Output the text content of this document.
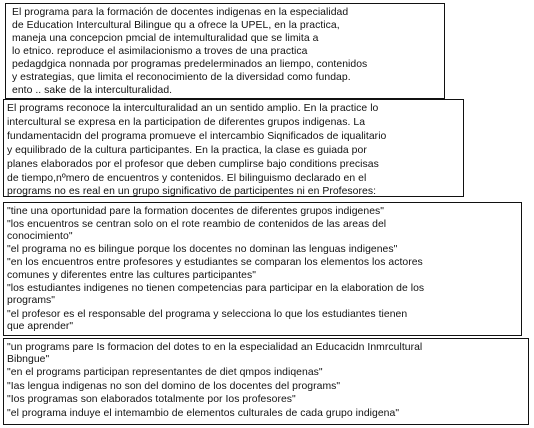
El programa para la formación de docentes indigenas en la especialidad
de Education Intercultural Bilingue qu a ofrece la UPEL, en la practica,
maneja una concepcion pmcial de intemulturalidad que se limita a
lo etnico. reproduce el asimilacionismo a troves de una practica
pedagdgica nonnada por programas predelerminados an liempo, contenidos
y estrategias, que limita el reconocimiento de la diversidad como fundap.
ento .. sake de la interculturalidad.
El programs reconoce la interculturalidad an un sentido amplio. En la practice lo
intercultural se expresa en la participation de diferentes grupos indigenas. La
fundamentacidn del programa promueve el intercambio Siqnificados de iqualitario
y equilibrado de la cultura participantes. En la practica, la clase es guiada por
planes elaborados por el profesor que deben cumplirse bajo conditions precisas
de tiempo,nºmero de encuentros y contenidos. El bilinguismo declarado en el
programs no es real en un grupo significativo de participentes ni en Profesores:
"tine una oportunidad pare la formation docentes de diferentes grupos indigenes"
"los encuentros se centran solo on el rote reambio de contenidos de las areas del
conocimiento"
"el programa no es bilingue porque los docentes no dominan las lenguas indigenes"
"en los encuentros entre profesores y estudiantes se comparan los elementos los actores
comunes y diferentes entre las cultures participantes"
"los estudiantes indigenes no tienen competencias para participar en la elaboration de los
programs"
"el profesor es el responsable del programa y selecciona lo que los estudiantes tienen
que aprender"
"un programs pare Is formacion del dotes to en la especialidad an Educacidn Inmrcultural
Bibngue"
"en el programs participan representantes de diet qmpos indiqenas"
"Ias lengua indigenas no son del domino de los docentes del programs"
"Ios programas son elaborados totalmente por Ios profesores"
"el programa induye el intemambio de elementos culturales de cada grupo indigena"
